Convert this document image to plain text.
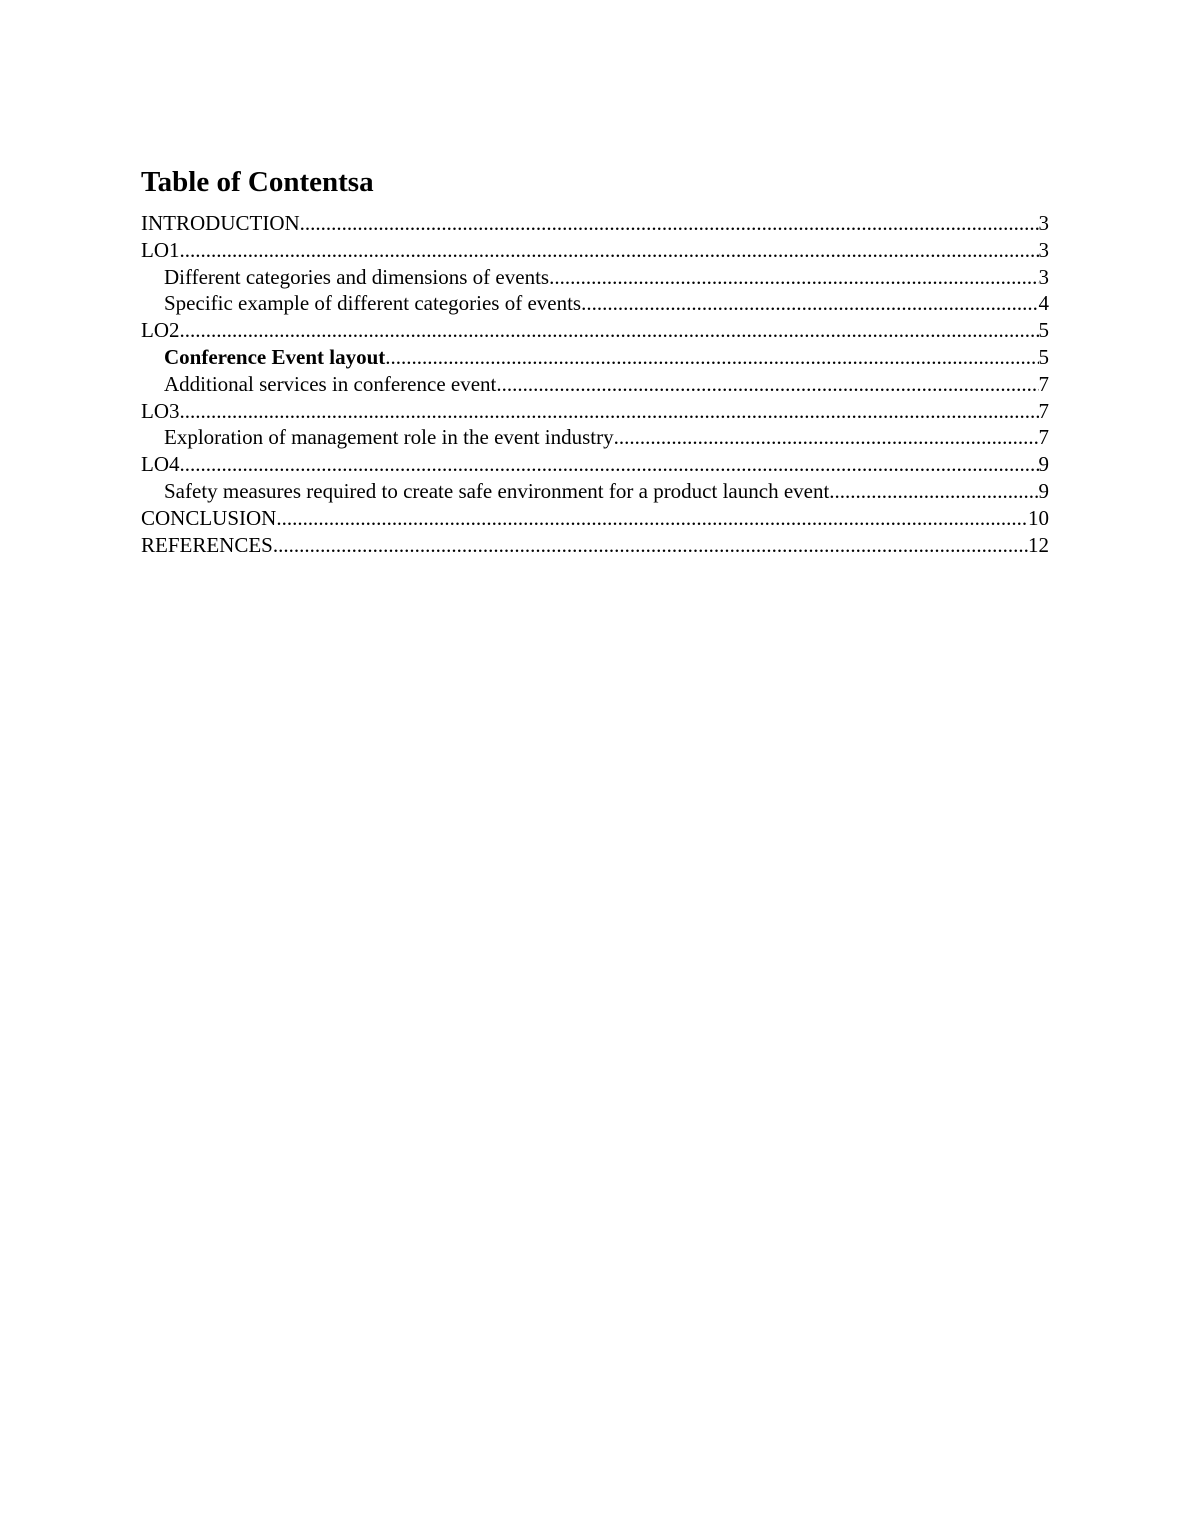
Table of Contentsa
INTRODUCTION .....	3
LO1 .....	3
Different categories and dimensions of events .....	3
Specific example of different categories of events .....	4
LO2 .....	5
Conference Event layout .....	5
Additional services in conference event .....	7
LO3 .....	7
Exploration of management role in the event industry .....	7
LO4 .....	9
Safety measures required to create safe environment for a product launch event .....	9
CONCLUSION .....	10
REFERENCES .....	12
